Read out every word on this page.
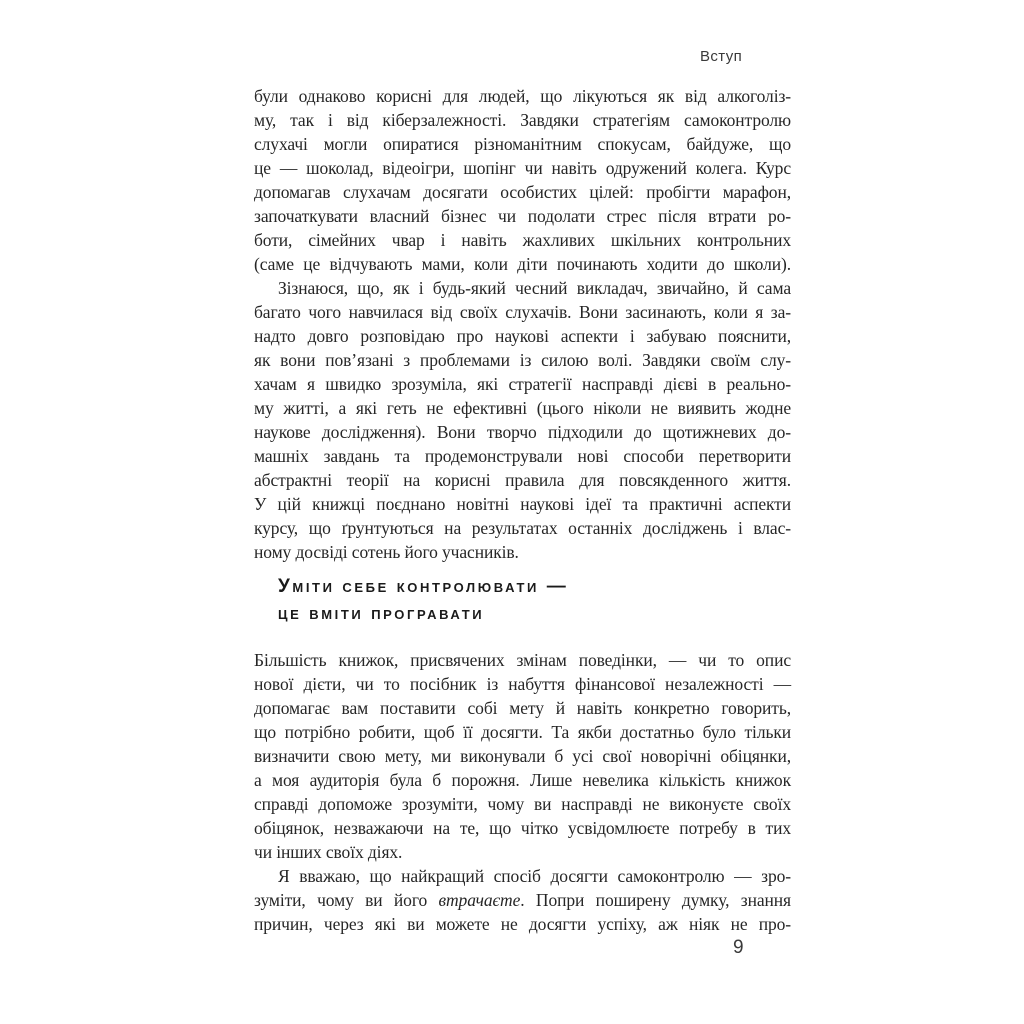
Вступ
були однаково корисні для людей, що лікуються як від алкоголіз-
му, так і від кіберзалежності. Завдяки стратегіям самоконтролю
слухачі могли опиратися різноманітним спокусам, байдуже, що
це — шоколад, відеоігри, шопінг чи навіть одружений колега. Курс
допомагав слухачам досягати особистих цілей: пробігти марафон,
започаткувати власний бізнес чи подолати стрес після втрати ро-
боти, сімейних чвар і навіть жахливих шкільних контрольних
(саме це відчувають мами, коли діти починають ходити до школи).
Зізнаюся, що, як і будь-який чесний викладач, звичайно, й сама
багато чого навчилася від своїх слухачів. Вони засинають, коли я за-
надто довго розповідаю про наукові аспекти і забуваю пояснити,
як вони пов’язані з проблемами із силою волі. Завдяки своїм слу-
хачам я швидко зрозуміла, які стратегії насправді дієві в реально-
му житті, а які геть не ефективні (цього ніколи не виявить жодне
наукове дослідження). Вони творчо підходили до щотижневих до-
машніх завдань та продемонстрували нові способи перетворити
абстрактні теорії на корисні правила для повсякденного життя.
У цій книжці поєднано новітні наукові ідеї та практичні аспекти
курсу, що ґрунтуються на результатах останніх досліджень і влас-
ному досвіді сотень його учасників.
Уміти себе контролювати —
це вміти програвати
Більшість книжок, присвячених змінам поведінки, — чи то опис
нової дієти, чи то посібник із набуття фінансової незалежності —
допомагає вам поставити собі мету й навіть конкретно говорить,
що потрібно робити, щоб її досягти. Та якби достатньо було тільки
визначити свою мету, ми виконували б усі свої новорічні обіцянки,
а моя аудиторія була б порожня. Лише невелика кількість книжок
справді допоможе зрозуміти, чому ви насправді не виконуєте своїх
обіцянок, незважаючи на те, що чітко усвідомлюєте потребу в тих
чи інших своїх діях.
Я вважаю, що найкращий спосіб досягти самоконтролю — зро-
зуміти, чому ви його втрачаєте. Попри поширену думку, знання
причин, через які ви можете не досягти успіху, аж ніяк не про-
9
